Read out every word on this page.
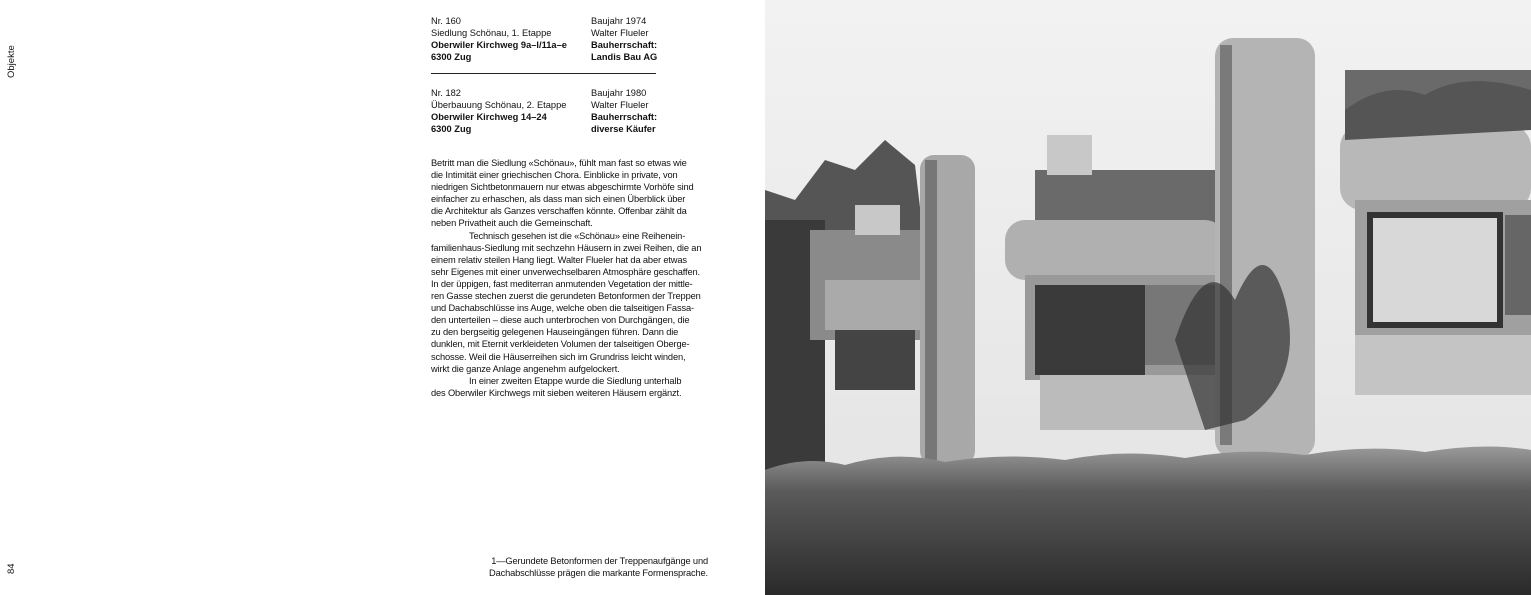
Objekte
84
Nr. 160
Siedlung Schönau, 1. Etappe
Oberwiler Kirchweg 9a–l/11a–e
6300 Zug
Baujahr 1974
Walter Flueler
Bauherrschaft:
Landis Bau AG
Nr. 182
Überbauung Schönau, 2. Etappe
Oberwiler Kirchweg 14–24
6300 Zug
Baujahr 1980
Walter Flueler
Bauherrschaft:
diverse Käufer
Betritt man die Siedlung «Schönau», fühlt man fast so etwas wie
die Intimität einer griechischen Chora. Einblicke in private, von
niedrigen Sichtbetonmauern nur etwas abgeschirmte Vorhöfe sind
einfacher zu erhaschen, als dass man sich einen Überblick über
die Architektur als Ganzes verschaffen könnte. Offenbar zählt da
neben Privatheit auch die Gemeinschaft.
Technisch gesehen ist die «Schönau» eine Reihenein-
familienhaus-Siedlung mit sechzehn Häusern in zwei Reihen, die an
einem relativ steilen Hang liegt. Walter Flueler hat da aber etwas
sehr Eigenes mit einer unverwechselbaren Atmosphäre geschaffen.
In der üppigen, fast mediterran anmutenden Vegetation der mittle-
ren Gasse stechen zuerst die gerundeten Betonformen der Treppen
und Dachabschlüsse ins Auge, welche oben die talseitigen Fassa-
den unterteilen – diese auch unterbrochen von Durchgängen, die
zu den bergseitig gelegenen Hauseingängen führen. Dann die
dunklen, mit Eternit verkleideten Volumen der talseitigen Oberge-
schosse. Weil die Häuserreihen sich im Grundriss leicht winden,
wirkt die ganze Anlage angenehm aufgelockert.
In einer zweiten Etappe wurde die Siedlung unterhalb
des Oberwiler Kirchwegs mit sieben weiteren Häusern ergänzt.
1—Gerundete Betonformen der Treppenaufgänge und
Dachabschlüsse prägen die markante Formensprache.
